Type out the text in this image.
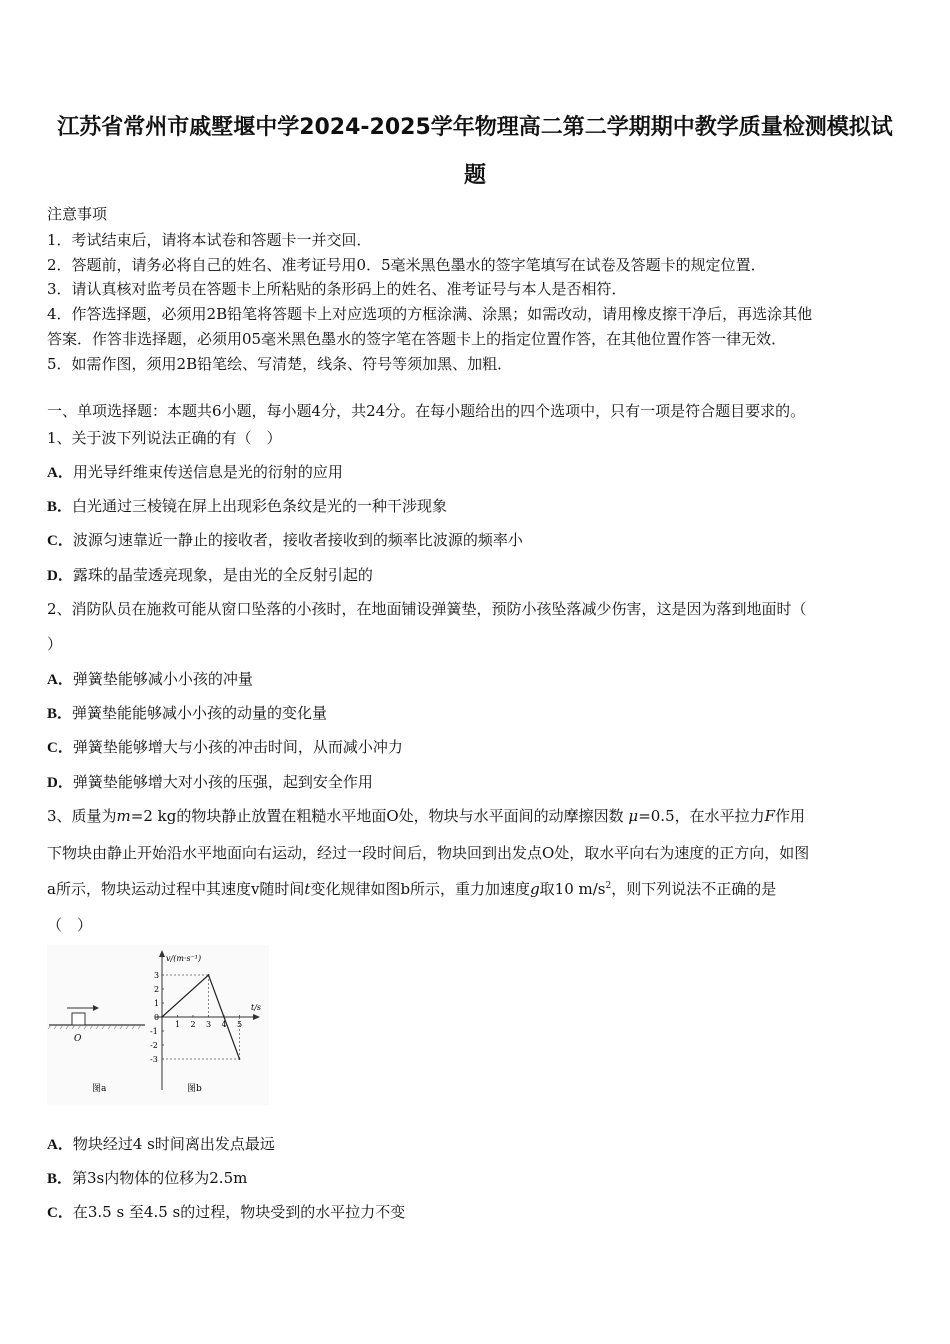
江苏省常州市戚墅堰中学2024-2025学年物理高二第二学期期中教学质量检测模拟试
题
注意事项
1．考试结束后，请将本试卷和答题卡一并交回．
2．答题前，请务必将自己的姓名、准考证号用0．5毫米黑色墨水的签字笔填写在试卷及答题卡的规定位置．
3．请认真核对监考员在答题卡上所粘贴的条形码上的姓名、准考证号与本人是否相符．
4．作答选择题，必须用2B铅笔将答题卡上对应选项的方框涂满、涂黑；如需改动，请用橡皮擦干净后，再选涂其他
答案．作答非选择题，必须用05毫米黑色墨水的签字笔在答题卡上的指定位置作答，在其他位置作答一律无效．
5．如需作图，须用2B铅笔绘、写清楚，线条、符号等须加黑、加粗．
一、单项选择题：本题共6小题，每小题4分，共24分。在每小题给出的四个选项中，只有一项是符合题目要求的。
1、关于波下列说法正确的有（　）
A．用光导纤维束传送信息是光的衍射的应用
B．白光通过三棱镜在屏上出现彩色条纹是光的一种干涉现象
C．波源匀速靠近一静止的接收者，接收者接收到的频率比波源的频率小
D．露珠的晶莹透亮现象，是由光的全反射引起的
2、消防队员在施救可能从窗口坠落的小孩时，在地面铺设弹簧垫，预防小孩坠落减少伤害，这是因为落到地面时（
）
A．弹簧垫能够减小小孩的冲量
B．弹簧垫能能够减小小孩的动量的变化量
C．弹簧垫能够增大与小孩的冲击时间，从而减小冲力
D．弹簧垫能够增大对小孩的压强，起到安全作用
3、质量为m=2 kg的物块静止放置在粗糙水平地面O处，物块与水平面间的动摩擦因数 μ=0.5，在水平拉力F作用
下物块由静止开始沿水平地面向右运动，经过一段时间后，物块回到出发点O处，取水平向右为速度的正方向，如图
a所示，物块运动过程中其速度v随时间t变化规律如图b所示，重力加速度g取10 $m/s^2$，则下列说法不正确的是
（　）
O
图a
v/(m·s⁻¹)
t/s
图b
1 2 3 4 5
3
2
1
0
-1
-2
-3
A．物块经过4 s时间离出发点最远
B．第3s内物体的位移为2.5m
C．在3.5 s 至4.5 s的过程，物块受到的水平拉力不变
